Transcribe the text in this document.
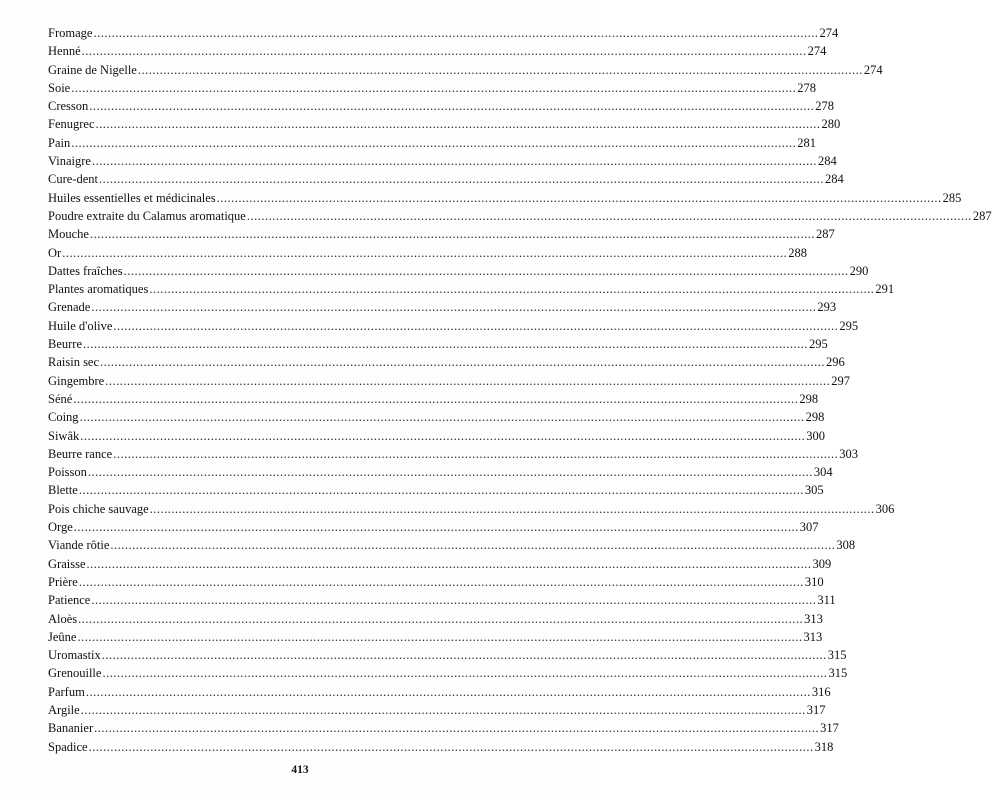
Fromage ........................................................................................................................................................................................................ 274
Henné ........................................................................................................................................................................................................ 274
Graine de Nigelle ........................................................................................................................................................................................................ 274
Soie ........................................................................................................................................................................................................ 278
Cresson ........................................................................................................................................................................................................ 278
Fenugrec ........................................................................................................................................................................................................ 280
Pain ........................................................................................................................................................................................................ 281
Vinaigre ........................................................................................................................................................................................................ 284
Cure-dent ........................................................................................................................................................................................................ 284
Huiles essentielles et médicinales ........................................................................................................................................................................................................ 285
Poudre extraite du Calamus aromatique ........................................................................................................................................................................................................ 287
Mouche ........................................................................................................................................................................................................ 287
Or ........................................................................................................................................................................................................ 288
Dattes fraîches ........................................................................................................................................................................................................ 290
Plantes aromatiques ........................................................................................................................................................................................................ 291
Grenade ........................................................................................................................................................................................................ 293
Huile d'olive ........................................................................................................................................................................................................ 295
Beurre ........................................................................................................................................................................................................ 295
Raisin sec ........................................................................................................................................................................................................ 296
Gingembre ........................................................................................................................................................................................................ 297
Séné ........................................................................................................................................................................................................ 298
Coing ........................................................................................................................................................................................................ 298
Siwâk ........................................................................................................................................................................................................ 300
Beurre rance ........................................................................................................................................................................................................ 303
Poisson ........................................................................................................................................................................................................ 304
Blette ........................................................................................................................................................................................................ 305
Pois chiche sauvage ........................................................................................................................................................................................................ 306
Orge ........................................................................................................................................................................................................ 307
Viande rôtie ........................................................................................................................................................................................................ 308
Graisse ........................................................................................................................................................................................................ 309
Prière ........................................................................................................................................................................................................ 310
Patience ........................................................................................................................................................................................................ 311
Aloès ........................................................................................................................................................................................................ 313
Jeûne ........................................................................................................................................................................................................ 313
Uromastix ........................................................................................................................................................................................................ 315
Grenouille ........................................................................................................................................................................................................ 315
Parfum ........................................................................................................................................................................................................ 316
Argile ........................................................................................................................................................................................................ 317
Bananier ........................................................................................................................................................................................................ 317
Spadice ........................................................................................................................................................................................................ 318
413
